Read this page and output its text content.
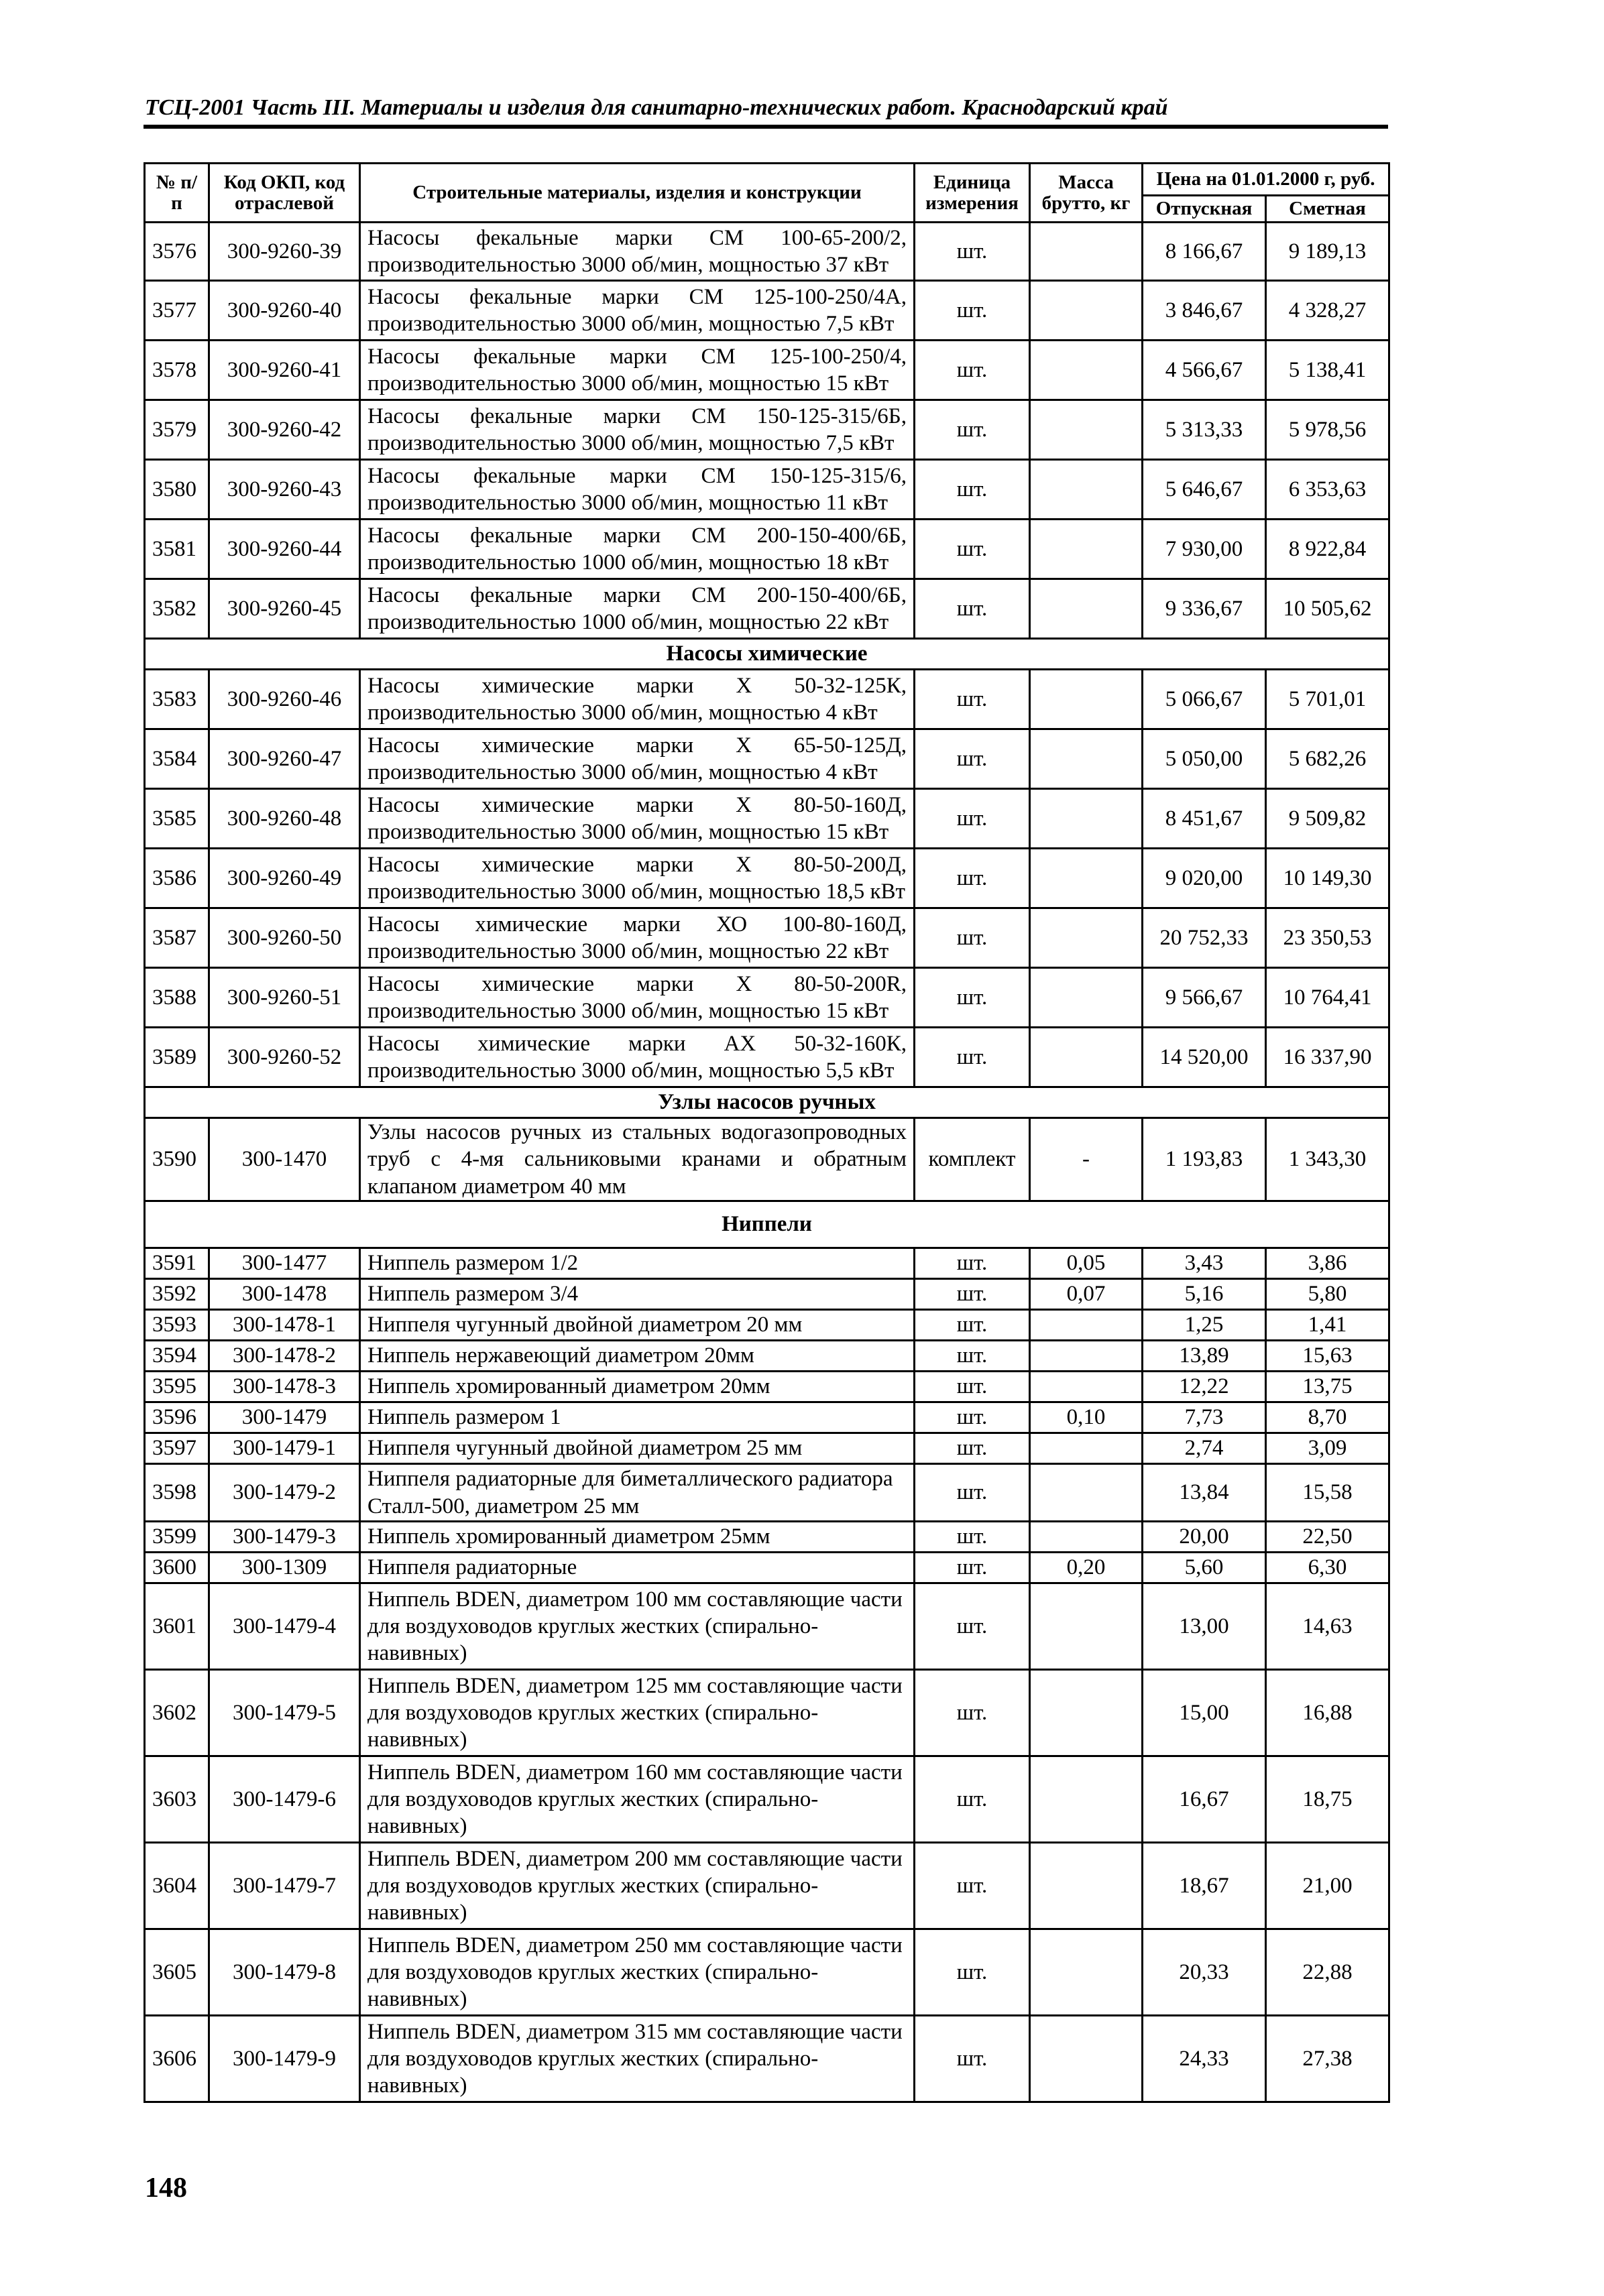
ТСЦ-2001 Часть III. Материалы и изделия для санитарно-технических работ. Краснодарский край
№ п/п	Код ОКП, код отраслевой	Строительные материалы, изделия и конструкции	Единица измерения	Масса брутто, кг	Цена на 01.01.2000 г, руб.	
					Отпускная	Сметная
3576	300-9260-39	Насосы фекальные марки СМ 100-65-200/2, производительностью 3000 об/мин, мощностью 37 кВт	шт.		8 166,67	9 189,13
3577	300-9260-40	Насосы фекальные марки СМ 125-100-250/4А, производительностью 3000 об/мин, мощностью 7,5 кВт	шт.		3 846,67	4 328,27
3578	300-9260-41	Насосы фекальные марки СМ 125-100-250/4, производительностью 3000 об/мин, мощностью 15 кВт	шт.		4 566,67	5 138,41
3579	300-9260-42	Насосы фекальные марки СМ 150-125-315/6Б, производительностью 3000 об/мин, мощностью 7,5 кВт	шт.		5 313,33	5 978,56
3580	300-9260-43	Насосы фекальные марки СМ 150-125-315/6, производительностью 3000 об/мин, мощностью 11 кВт	шт.		5 646,67	6 353,63
3581	300-9260-44	Насосы фекальные марки СМ 200-150-400/6Б, производительностью 1000 об/мин, мощностью 18 кВт	шт.		7 930,00	8 922,84
3582	300-9260-45	Насосы фекальные марки СМ 200-150-400/6Б, производительностью 1000 об/мин, мощностью 22 кВт	шт.		9 336,67	10 505,62
Насосы химические						
3583	300-9260-46	Насосы химические марки Х 50-32-125К, производительностью 3000 об/мин, мощностью 4 кВт	шт.		5 066,67	5 701,01
3584	300-9260-47	Насосы химические марки Х 65-50-125Д, производительностью 3000 об/мин, мощностью 4 кВт	шт.		5 050,00	5 682,26
3585	300-9260-48	Насосы химические марки Х 80-50-160Д, производительностью 3000 об/мин, мощностью 15 кВт	шт.		8 451,67	9 509,82
3586	300-9260-49	Насосы химические марки Х 80-50-200Д, производительностью 3000 об/мин, мощностью 18,5 кВт	шт.		9 020,00	10 149,30
3587	300-9260-50	Насосы химические марки ХО 100-80-160Д, производительностью 3000 об/мин, мощностью 22 кВт	шт.		20 752,33	23 350,53
3588	300-9260-51	Насосы химические марки Х 80-50-200R, производительностью 3000 об/мин, мощностью 15 кВт	шт.		9 566,67	10 764,41
3589	300-9260-52	Насосы химические марки АХ 50-32-160К, производительностью 3000 об/мин, мощностью 5,5 кВт	шт.		14 520,00	16 337,90
Узлы насосов ручных						
3590	300-1470	Узлы насосов ручных из стальных водогазопроводных труб с 4-мя сальниковыми кранами и обратным клапаном диаметром 40 мм	комплект	-	1 193,83	1 343,30
Ниппели						
3591	300-1477	Ниппель размером 1/2	шт.	0,05	3,43	3,86
3592	300-1478	Ниппель размером 3/4	шт.	0,07	5,16	5,80
3593	300-1478-1	Ниппеля чугунный двойной диаметром 20 мм	шт.		1,25	1,41
3594	300-1478-2	Ниппель нержавеющий диаметром 20мм	шт.		13,89	15,63
3595	300-1478-3	Ниппель хромированный диаметром 20мм	шт.		12,22	13,75
3596	300-1479	Ниппель размером 1	шт.	0,10	7,73	8,70
3597	300-1479-1	Ниппеля чугунный двойной диаметром 25 мм	шт.		2,74	3,09
3598	300-1479-2	Ниппеля радиаторные для биметаллического радиатора Сталл-500, диаметром 25 мм	шт.		13,84	15,58
3599	300-1479-3	Ниппель хромированный диаметром 25мм	шт.		20,00	22,50
3600	300-1309	Ниппеля радиаторные	шт.	0,20	5,60	6,30
3601	300-1479-4	Ниппель BDEN, диаметром 100 мм составляющие части для воздуховодов круглых жестких (спирально-навивных)	шт.		13,00	14,63
3602	300-1479-5	Ниппель BDEN, диаметром 125 мм составляющие части для воздуховодов круглых жестких (спирально-навивных)	шт.		15,00	16,88
3603	300-1479-6	Ниппель BDEN, диаметром 160 мм составляющие части для воздуховодов круглых жестких (спирально-навивных)	шт.		16,67	18,75
3604	300-1479-7	Ниппель BDEN, диаметром 200 мм составляющие части для воздуховодов круглых жестких (спирально-навивных)	шт.		18,67	21,00
3605	300-1479-8	Ниппель BDEN, диаметром 250 мм составляющие части для воздуховодов круглых жестких (спирально-навивных)	шт.		20,33	22,88
3606	300-1479-9	Ниппель BDEN, диаметром 315 мм составляющие части для воздуховодов круглых жестких (спирально-навивных)	шт.		24,33	27,38
148
